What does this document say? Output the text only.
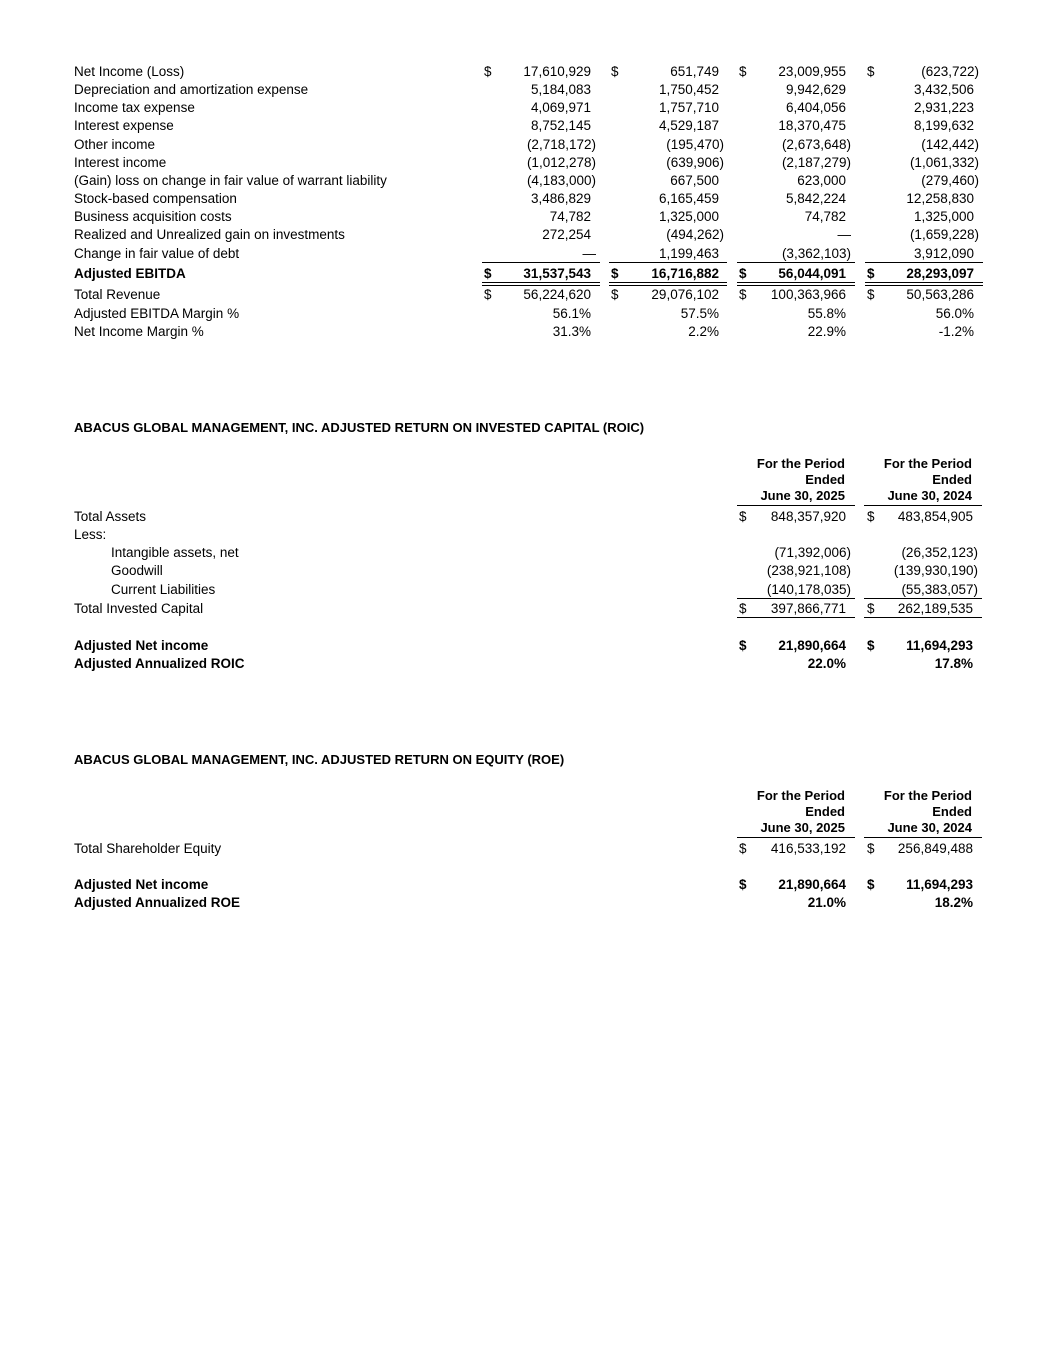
Net Income (Loss)	$	17,610,929 $	651,749 $	23,009,955 $	(623,722)
Depreciation and amortization expense	5,184,083	1,750,452	9,942,629	3,432,506
Income tax expense	4,069,971	1,757,710	6,404,056	2,931,223
Interest expense	8,752,145	4,529,187	18,370,475	8,199,632
Other income	(2,718,172)	(195,470)	(2,673,648)	(142,442)
Interest income	(1,012,278)	(639,906)	(2,187,279)	(1,061,332)
(Gain) loss on change in fair value of warrant liability	(4,183,000)	667,500	623,000	(279,460)
Stock-based compensation	3,486,829	6,165,459	5,842,224	12,258,830
Business acquisition costs	74,782	1,325,000	74,782	1,325,000
Realized and Unrealized gain on investments	272,254	(494,262)	—	(1,659,228)
Change in fair value of debt	—	1,199,463	(3,362,103)	3,912,090
Adjusted EBITDA	$	31,537,543 $	16,716,882 $	56,044,091 $	28,293,097
Total Revenue	$	56,224,620 $	29,076,102 $	100,363,966 $	50,563,286
Adjusted EBITDA Margin %	56.1%	57.5%	55.8%	56.0%
Net Income Margin %	31.3%	2.2%	22.9%	-1.2%
ABACUS GLOBAL MANAGEMENT, INC. ADJUSTED RETURN ON INVESTED CAPITAL (ROIC)
For the Period
Ended
June 30, 2025
For the Period
Ended
June 30, 2024
Total Assets	$	848,357,920 $	483,854,905
Less:
Intangible assets, net	(71,392,006)	(26,352,123)
Goodwill	(238,921,108)	(139,930,190)
Current Liabilities	(140,178,035)	(55,383,057)
Total Invested Capital	$	397,866,771 $	262,189,535
Adjusted Net income	$	21,890,664 $	11,694,293
Adjusted Annualized ROIC	22.0%	17.8%
ABACUS GLOBAL MANAGEMENT, INC. ADJUSTED RETURN ON EQUITY (ROE)
For the Period
Ended
June 30, 2025
For the Period
Ended
June 30, 2024
Total Shareholder Equity	$	416,533,192 $	256,849,488
Adjusted Net income	$	21,890,664 $	11,694,293
Adjusted Annualized ROE	21.0%	18.2%
